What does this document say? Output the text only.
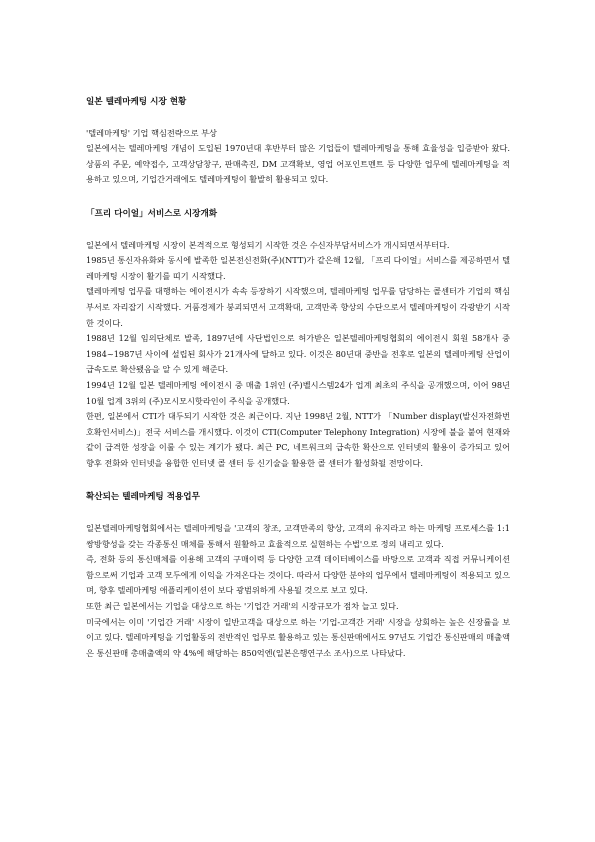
일본 텔레마케팅 시장 현황

'텔레마케팅' 기업 핵심전략으로 부상

일본에서는 텔레마케팅 개념이 도입된 1970년대 후반부터 많은 기업들이 텔레마케팅을 통해 효율성을 입증받아 왔다. 상품의 주문, 예약접수, 고객상담창구, 판매촉진, DM 고객확보, 영업 어포인트멘트 등 다양한 업무에 텔레마케팅을 적용하고 있으며, 기업간거래에도 텔레마케팅이 활발히 활용되고 있다.

「프리 다이얼」서비스로 시장개화

일본에서 텔레마케팅 시장이 본격적으로 형성되기 시작한 것은 수신자부담서비스가 개시되면서부터다.

1985년 통신자유화와 동시에 발족한 일본전신전화(주)(NTT)가 같은해 12월, 「프리 다이얼」서비스를 제공하면서 텔레마케팅 시장이 활기를 띠기 시작했다.

텔레마케팅 업무를 대행하는 에이전시가 속속 등장하기 시작했으며, 텔레마케팅 업무를 담당하는 콜센터가 기업의 핵심부서로 자리잡기 시작했다. 거품경제가 붕괴되면서 고객확대, 고객만족 향상의 수단으로서 텔레마케팅이 각광받기 시작한 것이다.

1988년 12월 임의단체로 발족, 1897년에 사단법인으로 허가받은 일본텔레마케팅협회의 에이전시 회원 58개사 중 1984~1987년 사이에 설립된 회사가 21개사에 달하고 있다. 이것은 80년대 중반을 전후로 일본의 텔레마케팅 산업이 급속도로 확산됐음을 알 수 있게 해준다.

1994년 12월 일본 텔레마케팅 에이전시 중 매출 1위인 (주)벨시스템24가 업계 최초의 주식을 공개했으며, 이어 98년 10월 업계 3위의 (주)모시모시핫라인이 주식을 공개했다.

한편, 일본에서 CTI가 대두되기 시작한 것은 최근이다. 지난 1998년 2월, NTT가 「Number display(발신자전화번호확인서비스)」전국 서비스를 개시했다. 이것이 CTI(Computer Telephony Integration) 시장에 불을 붙여 현재와 같이 급격한 성장을 이룰 수 있는 계기가 됐다. 최근 PC, 네트워크의 급속한 확산으로 인터넷의 활용이 증가되고 있어 향후 전화와 인터넷을 융합한 인터넷 콜 센터 등 신기술을 활용한 콜 센터가 활성화될 전망이다.

확산되는 텔레마케팅 적용업무

일본텔레마케팅협회에서는 텔레마케팅을 '고객의 창조, 고객만족의 향상, 고객의 유지라고 하는 마케팅 프로세스를 1:1 쌍방향성을 갖는 각종통신 매체를 통해서 원활하고 효율적으로 실현하는 수법'으로 정의 내리고 있다.

즉, 전화 등의 통신매체를 이용해 고객의 구매이력 등 다양한 고객 데이터베이스를 바탕으로 고객과 직접 커뮤니케이션 함으로써 기업과 고객 모두에게 이익을 가져온다는 것이다. 따라서 다양한 분야의 업무에서 텔레마케팅이 적용되고 있으며, 향후 텔레마케팅 애플리케이션이 보다 광범위하게 사용될 것으로 보고 있다.

또한 최근 일본에서는 기업을 대상으로 하는 '기업간 거래'의 시장규모가 점차 늘고 있다.

미국에서는 이미 '기업간 거래' 시장이 일반고객을 대상으로 하는 '기업-고객간 거래' 시장을 상회하는 높은 신장률을 보이고 있다. 텔레마케팅을 기업활동의 전반적인 업무로 활용하고 있는 통신판매에서도 97년도 기업간 통신판매의 매출액은 통신판매 총매출액의 약 4%에 해당하는 850억엔(일본은행연구소 조사)으로 나타났다.
